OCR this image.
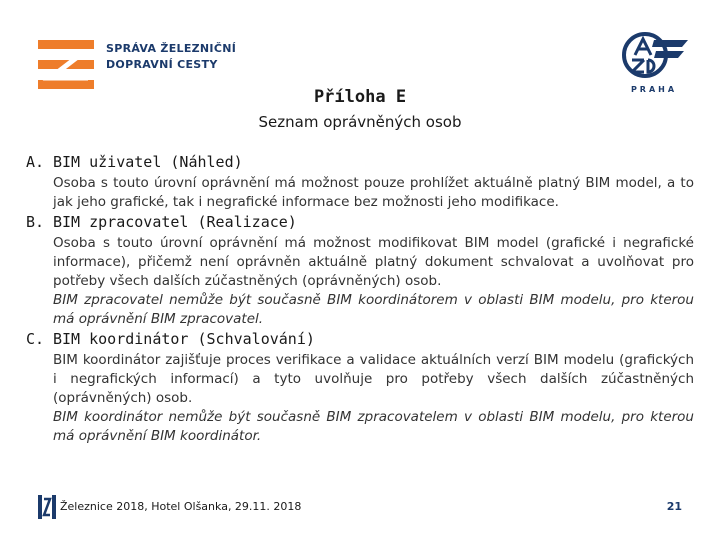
SPRÁVA ŽELEZNIČNÍ
DOPRAVNÍ CESTY
PRAHA
Příloha E
Seznam oprávněných osob

A. BIM uživatel (Náhled)

Osoba s touto úrovní oprávnění má možnost pouze prohlížet aktuálně platný BIM model, a to jak jeho grafické, tak i negrafické informace bez možnosti jeho modifikace.

B. BIM zpracovatel (Realizace)

Osoba s touto úrovní oprávnění má možnost modifikovat BIM model (grafické i negrafické informace), přičemž není oprávněn aktuálně platný dokument schvalovat a uvolňovat pro potřeby všech dalších zúčastněných (oprávněných) osob.

BIM zpracovatel nemůže být současně BIM koordinátorem v oblasti BIM modelu, pro kterou má oprávnění BIM zpracovatel.

C. BIM koordinátor (Schvalování)

BIM koordinátor zajišťuje proces verifikace a validace aktuálních verzí BIM modelu (grafických i negrafických informací) a tyto uvolňuje pro potřeby všech dalších zúčastněných (oprávněných) osob.

BIM koordinátor nemůže být současně BIM zpracovatelem v oblasti BIM modelu, pro kterou má oprávnění BIM koordinátor.

Železnice 2018, Hotel Olšanka, 29.11. 2018	21
